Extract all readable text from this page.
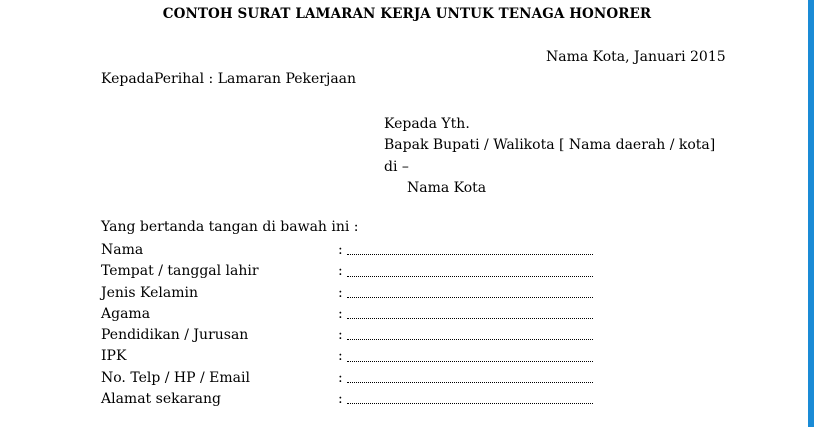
CONTOH SURAT LAMARAN KERJA UNTUK TENAGA HONORER
Nama Kota, Januari 2015
KepadaPerihal : Lamaran Pekerjaan
Kepada Yth.
Bapak Bupati / Walikota [ Nama daerah / kota]
di –
Nama Kota
Yang bertanda tangan di bawah ini :
Nama	:
Tempat / tanggal lahir	:
Jenis Kelamin	:
Agama	:
Pendidikan / Jurusan	:
IPK	:
No. Telp / HP / Email	:
Alamat sekarang	:
